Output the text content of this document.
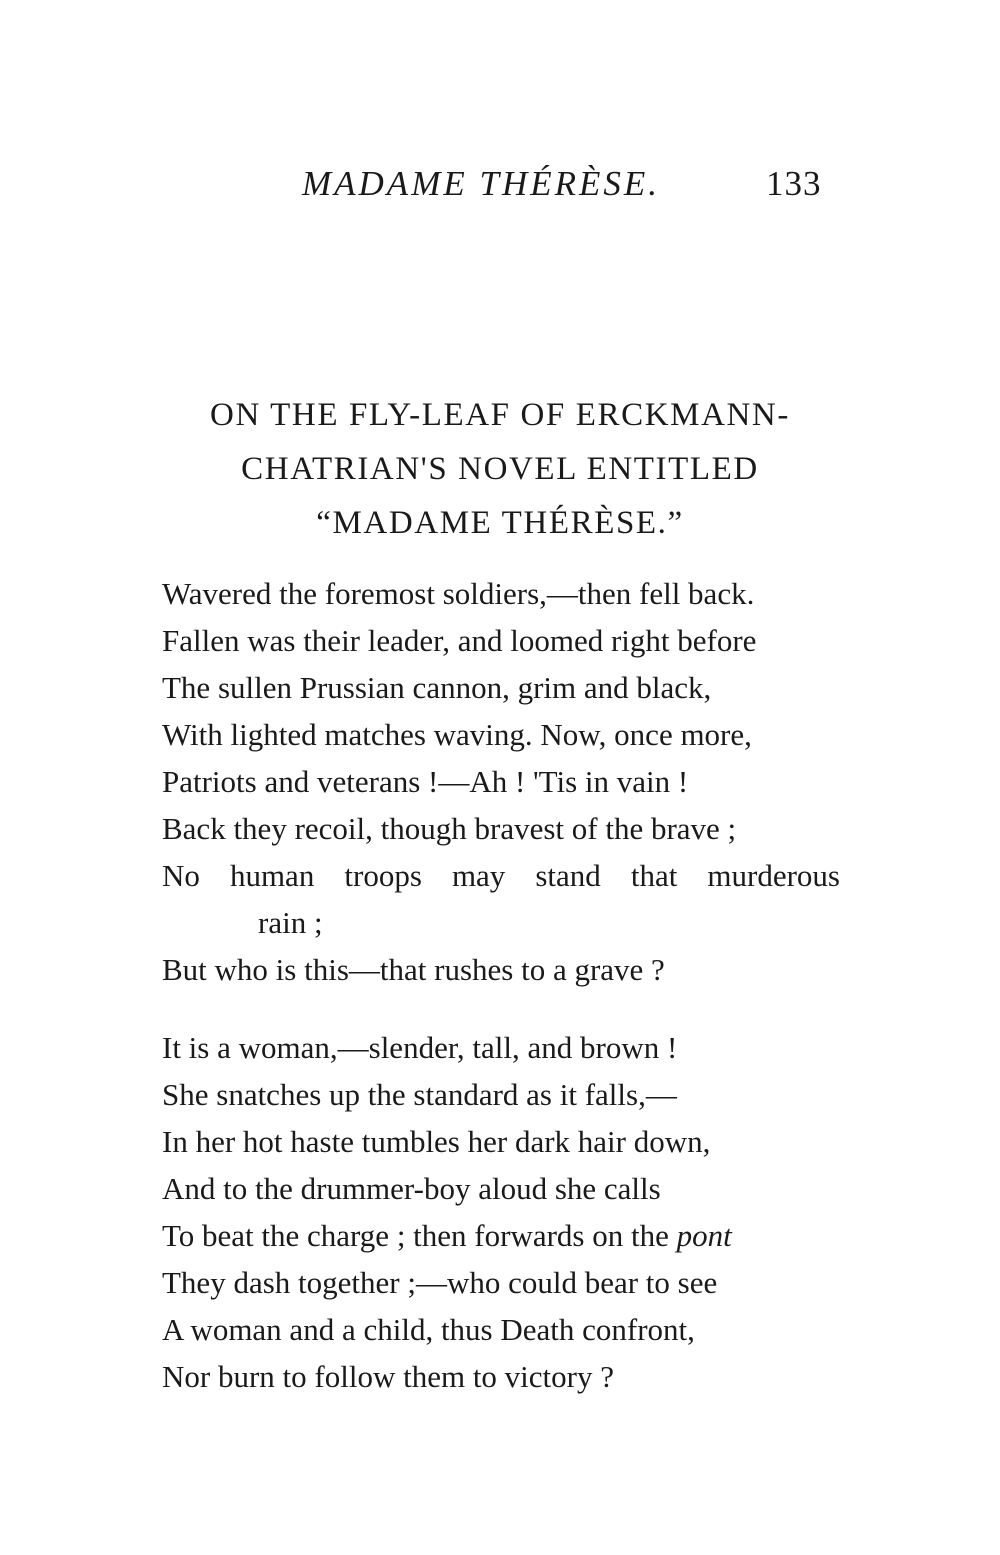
MADAME THÉRÈSE.	133
ON THE FLY-LEAF OF ERCKMANN-
CHATRIAN'S NOVEL ENTITLED
“MADAME THÉRÈSE.”
Wavered the foremost soldiers,—then fell back.
Fallen was their leader, and loomed right before
The sullen Prussian cannon, grim and black,
With lighted matches waving. Now, once more,
Patriots and veterans !—Ah ! 'Tis in vain !
Back they recoil, though bravest of the brave ;
No human troops may stand that murderous
rain ;
But who is this—that rushes to a grave ?
It is a woman,—slender, tall, and brown !
She snatches up the standard as it falls,—
In her hot haste tumbles her dark hair down,
And to the drummer-boy aloud she calls
To beat the charge ; then forwards on the pont
They dash together ;—who could bear to see
A woman and a child, thus Death confront,
Nor burn to follow them to victory ?
